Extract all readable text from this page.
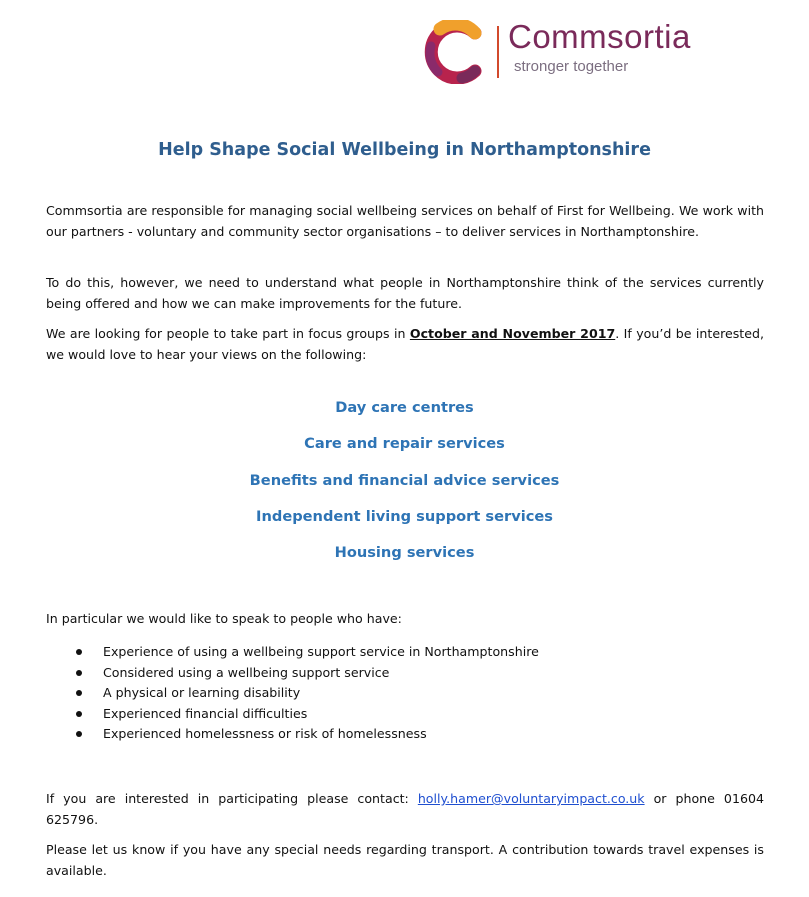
Commsortia
stronger together
Help Shape Social Wellbeing in Northamptonshire

Commsortia are responsible for managing social wellbeing services on behalf of First for Wellbeing. We work with our partners - voluntary and community sector organisations – to deliver services in Northamptonshire.

To do this, however, we need to understand what people in Northamptonshire think of the services currently being offered and how we can make improvements for the future.

We are looking for people to take part in focus groups in October and November 2017. If you’d be interested, we would love to hear your views on the following:

Day care centres
Care and repair services
Benefits and financial advice services
Independent living support services
Housing services

In particular we would like to speak to people who have:

Experience of using a wellbeing support service in Northamptonshire
Considered using a wellbeing support service
A physical or learning disability
Experienced financial difficulties
Experienced homelessness or risk of homelessness

If you are interested in participating please contact: holly.hamer@voluntaryimpact.co.uk or phone 01604 625796.

Please let us know if you have any special needs regarding transport. A contribution towards travel expenses is available.
